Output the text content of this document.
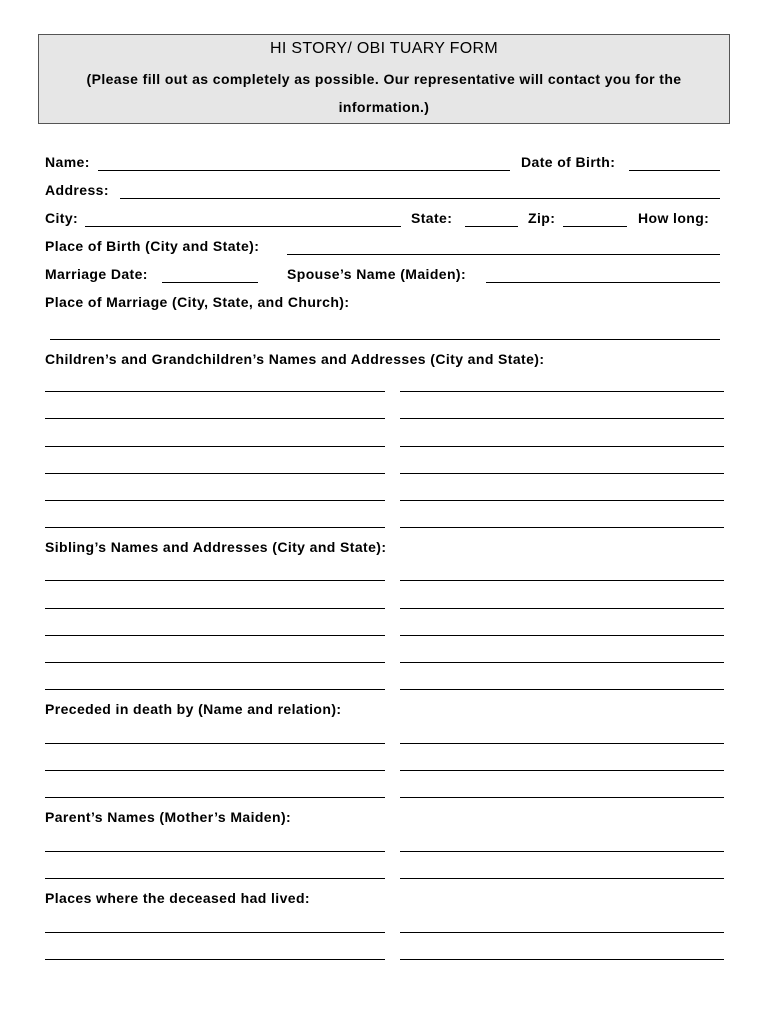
HI STORY/ OBI TUARY FORM
(Please fill out as completely as possible. Our representative will contact you for the
information.)
Name:	Date of Birth:
Address:
City:	State:	Zip:	How long:
Place of Birth (City and State):
Marriage Date:	Spouse’s Name (Maiden):
Place of Marriage (City, State, and Church):
Children’s and Grandchildren’s Names and Addresses (City and State):
Sibling’s Names and Addresses (City and State):
Preceded in death by (Name and relation):
Parent’s Names (Mother’s Maiden):
Places where the deceased had lived:
